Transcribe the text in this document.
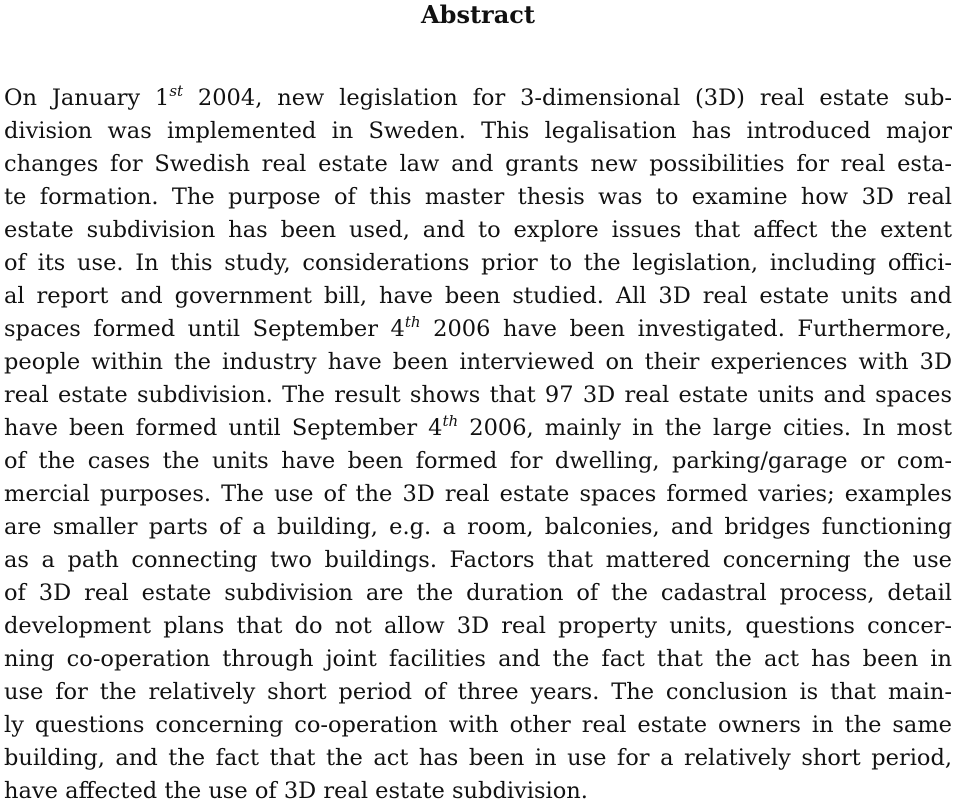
Abstract
On January 1st 2004, new legislation for 3-dimensional (3D) real estate sub-
division was implemented in Sweden. This legalisation has introduced major
changes for Swedish real estate law and grants new possibilities for real esta-
te formation. The purpose of this master thesis was to examine how 3D real
estate subdivision has been used, and to explore issues that affect the extent
of its use. In this study, considerations prior to the legislation, including offici-
al report and government bill, have been studied. All 3D real estate units and
spaces formed until September 4th 2006 have been investigated. Furthermore,
people within the industry have been interviewed on their experiences with 3D
real estate subdivision. The result shows that 97 3D real estate units and spaces
have been formed until September 4th 2006, mainly in the large cities. In most
of the cases the units have been formed for dwelling, parking/garage or com-
mercial purposes. The use of the 3D real estate spaces formed varies; examples
are smaller parts of a building, e.g. a room, balconies, and bridges functioning
as a path connecting two buildings. Factors that mattered concerning the use
of 3D real estate subdivision are the duration of the cadastral process, detail
development plans that do not allow 3D real property units, questions concer-
ning co-operation through joint facilities and the fact that the act has been in
use for the relatively short period of three years. The conclusion is that main-
ly questions concerning co-operation with other real estate owners in the same
building, and the fact that the act has been in use for a relatively short period,
have affected the use of 3D real estate subdivision.
